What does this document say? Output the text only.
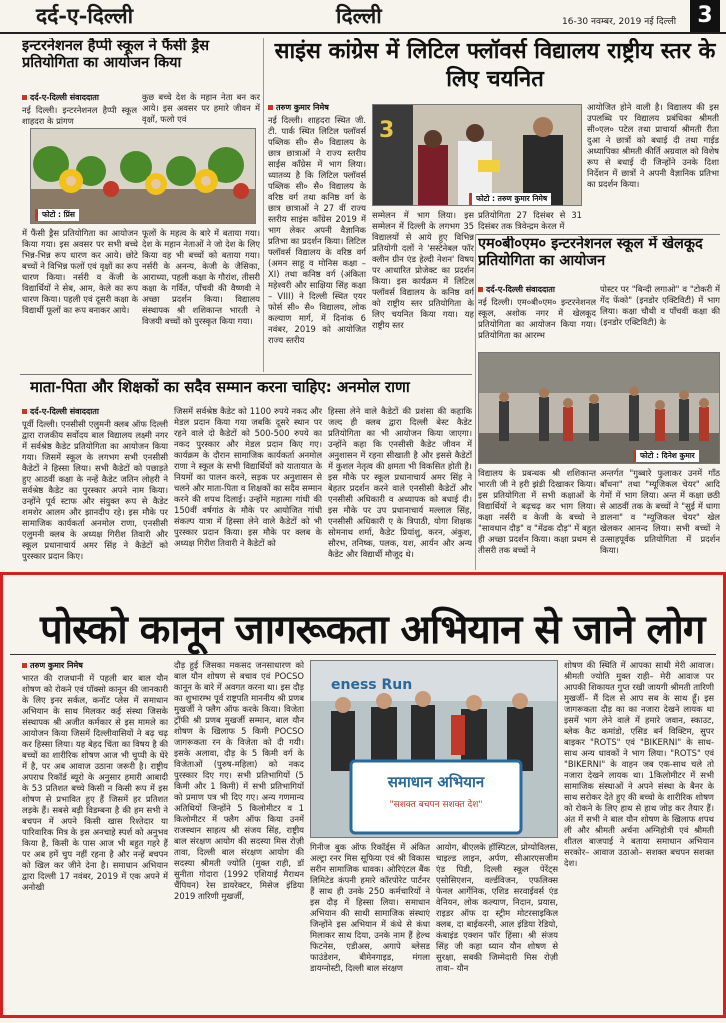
दर्द-ए-दिल्ली	दिल्ली	16-30 नवम्बर, 2019 नई दिल्ली 3
इन्टरनेशनल हैप्पी स्कूल ने फैंसी ड्रैस प्रतियोगिता का आयोजन किया
दर्द-ए-दिल्ली संवाददाता
नई दिल्ली। इन्टरनेशनल हैप्पी स्कूल शाहदरा के प्रांगण
कुछ बच्चे देश के महान नेता बन कर आये। इस अवसर पर हमारे जीवन में वृक्षों, फलो एवं
फोटो : प्रिंस
में फैंसी ड्रैस प्रतियोगिता का आयोजन किया गया। इस अवसर पर सभी बच्चे भिन्न-भिन्न रूप धारण कर आये। छोटे बच्चों ने विभिन्न फलों एवं वृक्षों का रूप धारण किया। नर्सरी व केंजी के विद्यार्थियों ने सेब, आम, केले का रूप धारण किया। पहली एवं दूसरी कक्षा के विद्यार्थी फूलों का रूप बनाकर आये।
फूलों के महत्व के बारे में बताया गया। देश के महान नेताओं ने जो देश के लिए किया वह भी बच्चों को बताया गया। नर्सरी के अनन्य, केजी के जैसिका, आराध्या, पहली कक्षा के गौरांश, तीसरी कक्षा के गर्वित, पाँचवी की वैष्णवी ने अच्छा प्रदर्शन किया। विद्यालय संस्थापक श्री शशिकान्त भारती ने विजयी बच्चों को पुरस्कृत किया गया।
साइंस कांग्रेस में लिटिल फ्लॉवर्स विद्यालय राष्ट्रीय स्तर के लिए चयनित
तरुण कुमार निमेष
नई दिल्ली। शाहदरा स्थित जी. टी. पार्क स्थित लिटिल फ्लॉवर्स पब्लिक सी० सै० विद्यालय के छात्र छात्राओं ने राज्य स्तरीय साईस कॉंग्रेस में भाग लिया। ध्यातव्य है कि लिटिल फ्लॉवर्स पब्लिक सी० सै० विद्यालय के वरिष्ठ वर्ग तथा कनिष्ठ वर्ग के छात्र छात्राओं ने 27 वीं राज्य स्तरीय साइंस कॉंग्रेस 2019 में भाग लेकर अपनी वैज्ञानिक प्रतिभा का प्रदर्शन किया। लिटिल फ्लॉवर्स विद्यालय के वरिष्ठ वर्ग (अमन साहू व मोनिस कक्षा – XI) तथा कनिष्ठ वर्ग (अंकिता महेश्वरी और साक्षिया सिंह कक्षा – VIII) ने दिल्ली स्थित एयर फोर्स सी० सै० विद्यालय, लोक कल्याण मार्ग, में दिनांक 6 नवंबर, 2019 को आयोजित राज्य स्तरीय
3
फोटो : तरुण कुमार निमेष
सम्मेलन में भाग लिया। इस सम्मेलन में दिल्ली के लगभग 35 विद्यालयों से आये हुए विभिन्न प्रतियोगी दलों ने 'सस्टेनेबल फॉर क्लीन ग्रीन एंड हेल्दी नेशन' विषय पर आधारित प्रोजेक्ट का प्रदर्शन किया। इस कार्यक्रम में लिटिल फ्लॉवर्स विद्यालय के कनिष्ठ वर्ग को राष्ट्रीय स्तर प्रतियोगिता के लिए चयनित किया गया। यह राष्ट्रीय स्तर
प्रतियोगिता 27 दिसंबर से 31 दिसंबर तक त्रिवेन्द्रम केरल में
आयोजित होने वाली है। विद्यालय की इस उपलब्धि पर विद्यालय प्रबंधिका श्रीमती सी०एल० पटेल तथा प्राचार्या श्रीमती रीता दुआ ने छात्रों को बधाई दी तथा गाईड अध्यापिका श्रीमती कीर्ति अग्रवाल को विशेष रूप से बधाई दी जिन्होंने उनके दिशा निर्देशन में छात्रों ने अपनी वैज्ञानिक प्रतिभा का प्रदर्शन किया।
एम०बी०एम० इन्टरनेशनल स्कूल में खेलकूद प्रतियोगिता का आयोजन
दर्द-ए-दिल्ली संवाददाता
नई दिल्ली। एम०बी०एम० इन्टरनेशनल स्कूल, अशोक नगर में खेलकूद प्रतियोगिता का आयोजन किया गया। प्रतियोगिता का आरम्भ
पोस्टर पर "बिन्दी लगाओ" व "टोकरी में गेंद फेंको" (इनडोर एक्टिविटी) में भाग लिया। कक्षा चौथी व पाँचवीं कक्षा की (इनडोर एक्टिविटी) के
फोटो : दिनेश कुमार
विद्यालय के प्रबन्धक श्री शशिकान्त भारती जी ने हरी झंडी दिखाकर किया। इस प्रतियोगिता में सभी कक्षाओं के विद्यार्थियों ने बढ़चढ़ कर भाग लिया। कक्षा नर्सरी व केजी के बच्चो ने "सावधान दौड़" व "मेंढक दौड़" में बहुत ही अच्छा प्रदर्शन किया। कक्षा प्रथम से तीसरी तक बच्चों ने
अन्तर्गत "गुब्बारे फुलाकर उनमें गाँठ बाँधना" तथा "म्यूजिकल चेयर" आदि गेमों में भाग लिया। अन्त में कक्षा छठी से आठवीं तक के बच्चों ने "सुई में धागा डालना" व "म्यूजिकल चेयर" खेल खेलकर आनन्द लिया। सभी बच्चों ने उत्साहपूर्वक प्रतियोगिता में प्रदर्शन किया।
माता-पिता और शिक्षकों का सदैव सम्मान करना चाहिए: अनमोल राणा
दर्द-ए-दिल्ली संवाददाता
पूर्वी दिल्ली। एनसीसी एलुमनी क्लब ऑफ दिल्ली द्वारा राजकीय सर्वोदय बाल विद्यालय लक्ष्मी नगर में सर्वश्रेष्ठ कैडेट प्रतियोगिता का आयोजन किया गया। जिसमें स्कूल के लगभग सभी एनसीसी कैडेटों ने हिस्सा लिया। सभी कैडेटों को पछाड़ते हुए आठवीं कक्षा के नन्हें कैडेट जतिन लोहरी ने सर्वश्रेष्ठ कैडेट का पुरस्कार अपने नाम किया। उन्होंने पूर्व स्टाफ और संयुक्त रूप से कैडेट शमशेर आलम और झानदीप रहे। इस मौके पर सामाजिक कार्यकर्ता अनमोल राणा, एनसीसी एलुमनी क्लब के अध्यक्ष गिरीश तिवारी और स्कूल प्रधानाचार्य अमर सिंह ने कैडेटों को पुरस्कार प्रदान किए।
जिसमें सर्वश्रेष्ठ कैडेट को 1100 रुपये नकद और मेडल प्रदान किया गया जबकि दूसरे स्थान पर रहने वाले दो कैडेटों को 500-500 रुपये का नकद पुरस्कार और मेडल प्रदान किए गए। कार्यक्रम के दौरान सामाजिक कार्यकर्ता अनमोल राणा ने स्कूल के सभी विद्यार्थियों को यातायात के नियमों का पालन करने, सड़क पर अनुशासन से चलने और माता-पिता व शिक्षकों का सदैव सम्मान करने की शपथ दिलाई। उन्होंने महात्मा गांधी की 150वीं वर्षगांठ के मौके पर आयोजित गांधी संकल्प यात्रा में हिस्सा लेने वाले कैडेटों को भी पुरस्कार प्रदान किया। इस मौके पर क्लब के अध्यक्ष गिरीश तिवारी ने कैडेटों को
हिस्सा लेने वाले कैडेटों की प्रशंसा की कहाकि जल्द ही क्लब द्वारा दिल्ली बेस्ट कैडेट प्रतियोगिता का भी आयोजन किया जाएगा। उन्होंने कहा कि एनसीसी कैडेट जीवन में अनुशासन में रहना सीखाती है और इससे कैडेटों में कुशल नेतृत्व की क्षमता भी विकसित होती है। इस मौके पर स्कूल प्रधानाचार्य अमर सिंह ने बेहतर प्रदर्शन करने वाले एनसीसी कैडेटों और एनसीसी अधिकारी व अध्यापक को बधाई दी। इस मौके पर उप प्रधानाचार्य मल्लाल सिंह, एनसीसी अधिकारी ए के त्रिपाठी, योगा शिक्षक सोमनाथ शर्मा, कैडेट प्रियांशु, करन, अंकुश, सौरभ, तनिष्क, पलक, यश, आर्यन और अन्य कैडेट और विद्यार्थी मौजूद थे।
पोस्को कानून जागरूकता अभियान से जाने लोग
तरुण कुमार निमेष
भारत की राजधानी में पहली बार बाल यौन शोषण को रोकने एवं पॉक्सो कानून की जानकारी के लिए इनर सर्कल, कनॉट प्लेस में समाधान अभियान के साथ मिलकर कई संस्था जिसके संस्थापक श्री अजीत कर्मकार से इस मामले का आयोजन किया जिसमें दिल्लीवासियों ने बढ़ चढ़ कर हिस्सा लिया। यह बेहद चिंता का विषय है की बच्चों का शारीरिक शोषण आज भी चुप्पी के घेरे में है, पर अब आवाज उठाना जरूरी है। राष्ट्रीय अपराध रिकॉर्ड ब्यूरो के अनुसार हमारी आबादी के 53 प्रतिशत बच्चे किसी न किसी रूप में इस शोषण से प्रभावित हुए हैं जिसमें हर प्रतिशत लड़के हैं। सबसे बड़ी विडम्बना है की हम सभी ने बचपन में अपने किसी खास रिश्तेदार या पारिवारिक मित्र के इस अनचाहे स्पर्श को अनुभव किया है, किसी के पास आज भी बहुत गहरे हैं पर अब हमें चुप नहीं रहना है और नन्हें बचपन को खिल कर जीने देना है। समाधान अभियान द्वारा दिल्ली 17 नवंबर, 2019 में एक अपने में अनोखी
दौड़ हुई जिसका मकसद जनसाधारण को बाल यौन शोषण से बचाव एवं POCSO कानून के बारे में अवगत करना था। इस दौड़ का शुभारम्भ पूर्व राष्ट्रपति माननीय श्री प्रणब मुखर्जी ने फ्लैग ऑफ करके किया। विजेता ट्रॉफी श्री प्रणब मुखर्जी सम्मान, बाल यौन शोषण के खिलाफ 5 किमी POCSO जागरूकता रन के विजेता को दी गयी। इसके अलावा, दौड़ के 5 किमी वर्ग के विजेताओं (पुरुष-महिला) को नकद पुरस्कार दिए गए। सभी प्रतिभागियों (5 किमी और 1 किमी) में सभी प्रतिभागियों को प्रमाण पत्र भी दिए गए। अन्य गणमान्य अतिथियों जिन्होंने 5 किलोमीटर व 1 किलोमीटर में फ्लैग ऑफ किया उनमें राजस्थान साहत्य श्री संजय सिंह, राष्ट्रीय बाल संरक्षण आयोग की सदस्या मिस रोज़ी तावा, दिल्ली बाल संरक्षण आयोग की सदस्या श्रीमती ज्योति (मुक्त राही, डॉ सुनीता गोदारा (1992 एशियाई मैराथन चैंपियन) रेस डायरेक्टर, मिसेज इंडिया 2019 तारिणी मुखर्जी,
eness Run
समाधान अभियान
"सशक्त बचपन सशक्त देश"
गिनीज बुक ऑफ रिकॉर्ड्स में अंकित अल्ट्रा रनर मिस सूफिया एवं श्री विकास सरीन सामाजिक धावक। ओरिएंटल बैंक लिमिटेड कंपनी हमारे कॉरपोरेट पार्टनर हैं साथ ही उनके 250 कर्मचारियों ने इस दौड़ में हिस्सा लिया। समाधान अभियान की साथी सामाजिक संस्थाएं जिन्होंने इस अभियान में कंधे से कंधा मिलाकर साथ दिया, उनके नाम हैं हेल्थ फिटनेस, एडीअस, अगापे ब्लेसड फाउंडेशन, बीमेनगाइड, मंगला डायग्नोस्टी, दिल्ली बाल संरक्षण
आयोग, बीएलके हॉस्पिटल, प्रोग्योविलस, चाइल्ड लाइन, अर्पण, सीआरएसजीम एंड पिडी, दिल्ली स्कूल पेरेंट्स एसोसिएशन, वर्ल्डविजन, एफलिक्स फेनल आर्गेनिक, एशिड सरवाईवर्स एंड वेनियन, लोक कल्याण, निदान, प्रयास, राइडर ऑफ दा स्ट्रीम मोटरसाइकिल क्लब, दा बाईकरनी, आल इंडिया रेडियो, कंबाइंड एक्शन फॉर हिंसा। श्री संजय सिंह जी कहा ध्यान यौन शोषण से सुरक्षा, सबकी जिम्मेदारी मिस रोज़ी तावा– यौन
शोषण की स्थिति में आपका साथी मेरी आवाज। श्रीमती ज्योति मुक्त राही– मेरी आवाज पर आपकी शिकायत गुप्त रखी जायगी श्रीमती तारिणी मुखर्जी– मैं दिल से आप सब के साथ हूँ। इस जागरूकता दौड़ का का नजारा देखने लायक था इसमें भाग लेने वाले में हमारे जवान, स्काउट, ब्लेक कैट कमांडो, एसिड बर्न विक्टिम, सुपर बाइकर "ROTS" एवं "BIKERNI" के साथ-साथ अन्य धावकों ने भाग लिया। "ROTS" एवं "BIKERNI" के वाहन जब एक-साथ चले तो नजारा देखने लायक था। 1किलोमीटर में सभी सामाजिक संस्थाओं ने अपने संस्था के बैनर के साथ सरोकर देते हुए की बच्चो के शारीरिक शोषण को रोकने के लिए हाथ से हाथ जोड़ कर तैयार हैं। अंत में सभी ने बाल यौन शोषण के खिलाफ शपथ ली और श्रीमती अर्चना अग्निहोत्री एवं श्रीमती शीतल बाजपाई ने बताया समाधान अभियान सरकोर– आवाज उठाओ– सशक्त बचपन सशक्त देश।
